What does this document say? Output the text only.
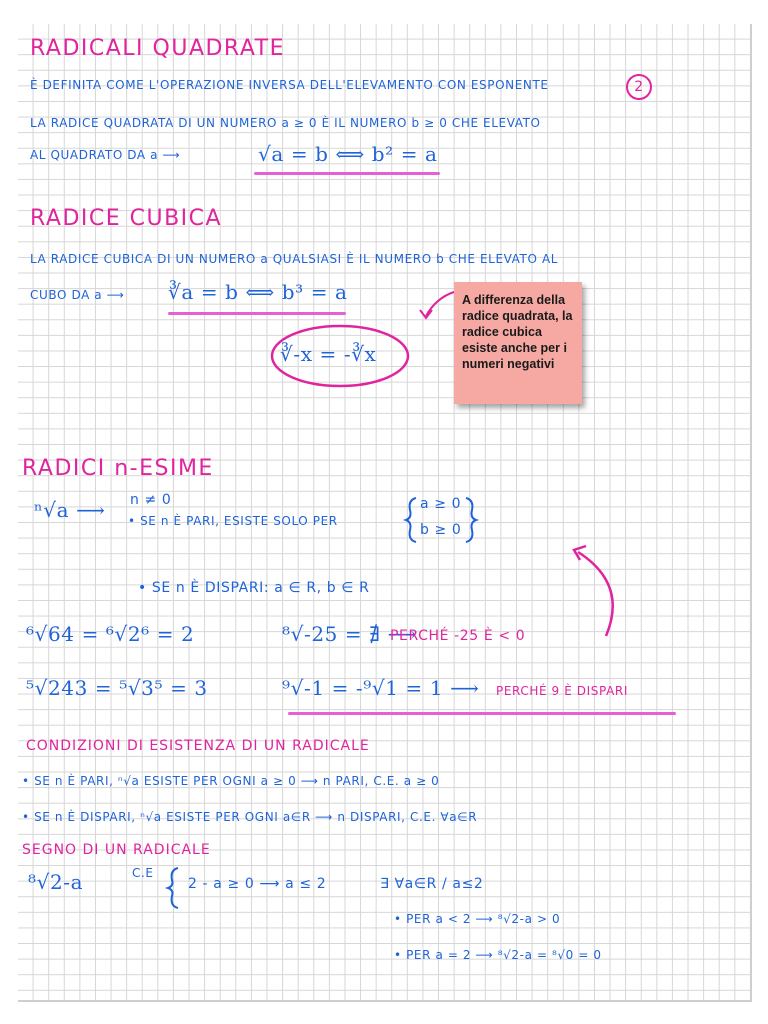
RADICALI QUADRATE
È DEFINITA COME L'OPERAZIONE INVERSA DELL'ELEVAMENTO CON ESPONENTE	2
LA RADICE QUADRATA DI UN NUMERO a ≥ 0 È IL NUMERO b ≥ 0 CHE ELEVATO
AL QUADRATO DA a ⟶	√a = b ⟺ b² = a
RADICE CUBICA
LA RADICE CUBICA DI UN NUMERO a QUALSIASI È IL NUMERO b CHE ELEVATO AL
CUBO DA a ⟶ ∛a = b ⟺ b³ = a
∛-x = -∛x
A differenza della radice quadrata, la radice cubica esiste anche per i numeri negativi
RADICI n-ESIME
ⁿ√a ⟶ n ≠ 0
• SE n È PARI, ESISTE SOLO PER
a ≥ 0
b ≥ 0
• SE n È DISPARI: a ∈ R, b ∈ R
⁶√64 = ⁶√2⁶ = 2	⁸√-25 = ∄ ⟶
PERCHÉ -25 È < 0
⁵√243 = ⁵√3⁵ = 3	⁹√-1 = -⁹√1 = 1 ⟶ PERCHÉ 9 È DISPARI
CONDIZIONI DI ESISTENZA DI UN RADICALE
• SE n È PARI, ⁿ√a ESISTE PER OGNI a ≥ 0 ⟶ n PARI, C.E. a ≥ 0
• SE n È DISPARI, ⁿ√a ESISTE PER OGNI a∈R ⟶ n DISPARI, C.E. ∀a∈R
SEGNO DI UN RADICALE
⁸√2-a	C.E
2 - a ≥ 0 ⟶ a ≤ 2	∃ ∀a∈R / a≤2
• PER a < 2 ⟶ ⁸√2-a > 0
• PER a = 2 ⟶ ⁸√2-a = ⁸√0 = 0
